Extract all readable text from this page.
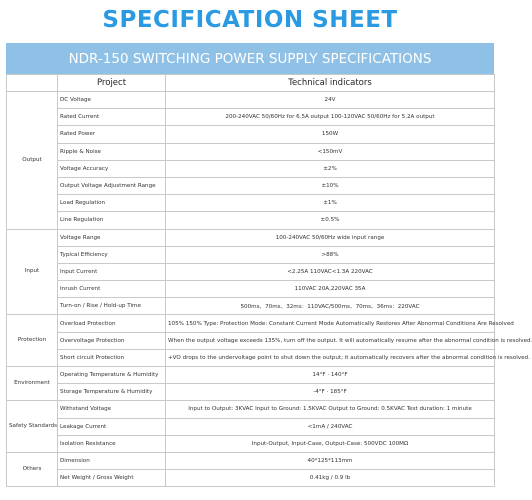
SPECIFICATION SHEET
NDR-150 SWITCHING POWER SUPPLY SPECIFICATIONS
	Project	Technical indicators
Output	DC Voltage	24V
	Rated Current	200-240VAC 50/60Hz for 6.5A output 100-120VAC 50/60Hz for 5.2A output
	Rated Power	150W
	Ripple & Noise	<150mV
	Voltage Accuracy	±2%
	Output Voltage Adjustment Range	±10%
	Load Regulation	±1%
	Line Regulation	±0.5%
Input	Voltage Range	100-240VAC 50/60Hz wide input range
	Typical Efficiency	>88%
	Input Current	<2.25A 110VAC<1.3A 220VAC
	Inrush Current	110VAC 20A,220VAC 35A
	Turn-on / Rise / Hold-up Time	500ms、70ms、32ms：110VAC/500ms、70ms、36ms：220VAC
Protection	Overload Protection	105% 150% Type: Protection Mode: Constant Current Mode Automatically Restores After Abnormal Conditions Are Resolved
	Overvoltage Protection	When the output voltage exceeds 135%, turn off the output. It will automatically resume after the abnormal condition is resolved.
	Short circuit Protection	+VO drops to the undervoltage point to shut down the output; it automatically recovers after the abnormal condition is resolved.
Environment	Operating Temperature & Humidity	14°F · 140°F
	Storage Temperature & Humidity	-4°F · 185°F
Safety Standards	Withstand Voltage	Input to Output: 3KVAC Input to Ground: 1.5KVAC Output to Ground: 0.5KVAC Test duration: 1 minute
	Leakage Current	<1mA / 240VAC
	Isolation Resistance	Input-Output, Input-Case, Output-Case: 500VDC 100MΩ
Others	Dimension	40*125*113mm
	Net Weight / Gross Weight	0.41kg / 0.9 lb
